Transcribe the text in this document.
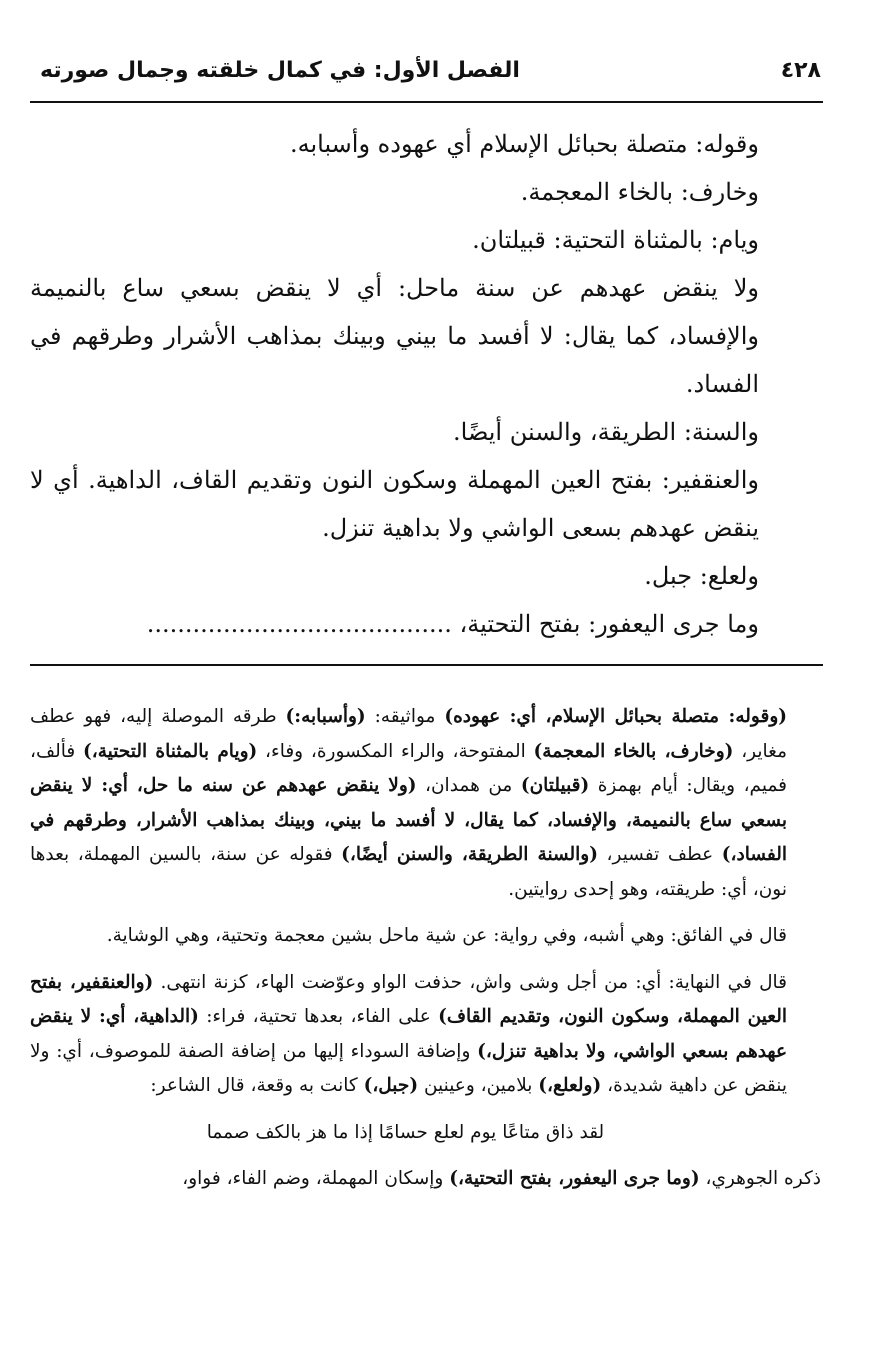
٤٢٨
الفصل الأول: في كمال خلقته وجمال صورته

وقوله: متصلة بحبائل الإسلام أي عهوده وأسبابه.

وخارف: بالخاء المعجمة.

ويام: بالمثناة التحتية: قبيلتان.

ولا ينقض عهدهم عن سنة ماحل: أي لا ينقض بسعي ساع بالنميمة والإفساد، كما يقال: لا أفسد ما بيني وبينك بمذاهب الأشرار وطرقهم في الفساد.

والسنة: الطريقة، والسنن أيضًا.

والعنقفير: بفتح العين المهملة وسكون النون وتقديم القاف، الداهية. أي لا ينقض عهدهم بسعى الواشي ولا بداهية تنزل.

ولعلع: جبل.

وما جرى اليعفور: بفتح التحتية، ........................................

(وقوله: متصلة بحبائل الإسلام، أي: عهوده) مواثيقه: (وأسبابه:) طرقه الموصلة إليه، فهو عطف مغاير، (وخارف، بالخاء المعجمة) المفتوحة، والراء المكسورة، وفاء، (ويام بالمثناة التحتية،) فألف، فميم، ويقال: أيام بهمزة (قبيلتان) من همدان، (ولا ينقض عهدهم عن سنه ما حل، أي: لا ينقض بسعي ساع بالنميمة، والإفساد، كما يقال، لا أفسد ما بيني، وبينك بمذاهب الأشرار، وطرقهم في الفساد،) عطف تفسير، (والسنة الطريقة، والسنن أيضًا،) فقوله عن سنة، بالسين المهملة، بعدها نون، أي: طريقته، وهو إحدى روايتين.

قال في الفائق: وهي أشبه، وفي رواية: عن شية ماحل بشين معجمة وتحتية، وهي الوشاية.

قال في النهاية: أي: من أجل وشى واش، حذفت الواو وعوّضت الهاء، كزنة انتهى. (والعنقفير، بفتح العين المهملة، وسكون النون، وتقديم القاف) على الفاء، بعدها تحتية، فراء: (الداهية، أي: لا ينقض عهدهم بسعي الواشي، ولا بداهية تنزل،) وإضافة السوداء إليها من إضافة الصفة للموصوف، أي: ولا ينقض عن داهية شديدة، (ولعلع،) بلامين، وعينين (جبل،) كانت به وقعة، قال الشاعر:

لقد ذاق متاعًا يوم لعلع حسامًا إذا ما هز بالكف صمما

ذكره الجوهري، (وما جرى اليعفور، بفتح التحتية،) وإسكان المهملة، وضم الفاء، فواو،
